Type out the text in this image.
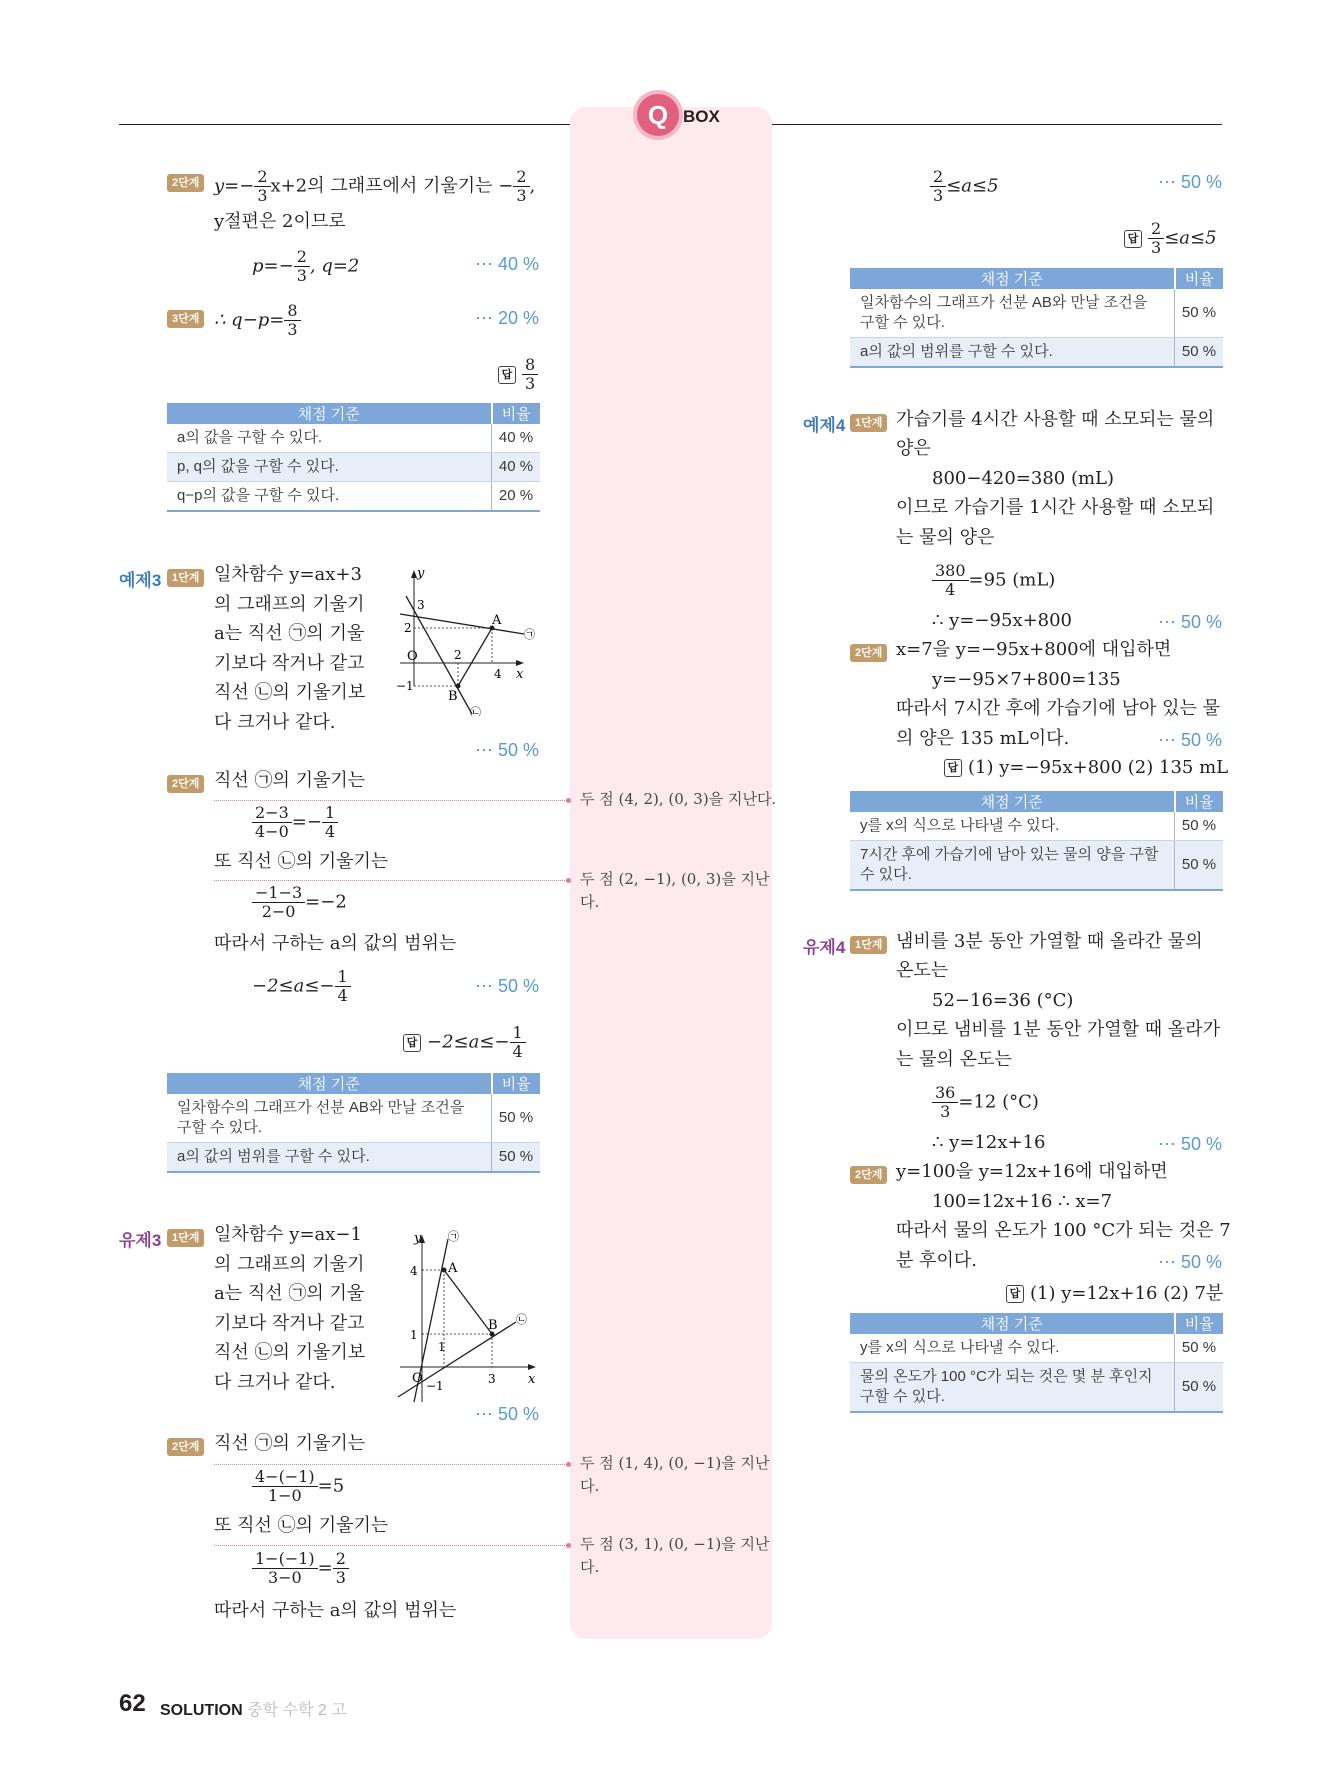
Q BOX
2단계 $y=- \frac{2}{3} x+2$의 그래프에서 기울기는 − $\frac{2}{3}$ ,
y절편은 2이므로
$p=- \frac{2}{3}$ , q=2	⋯ 40 %
3단계 ∴ $q-p= \frac{8}{3}$	⋯ 20 %
답 $\frac{8}{3}$
채점 기준	비율
a의 값을 구할 수 있다.	40 %
p, q의 값을 구할 수 있다.	40 %
q−p의 값을 구할 수 있다.	20 %
예제3 1단계 일차함수 y=ax+3
의 그래프의 기울기
a는 직선 ㉠의 기울
기보다 작거나 같고
직선 ㉡의 기울기보
다 크거나 같다.
y
x
O
3
2
−1
2
4
A
B
㉠
㉡
⋯ 50 %
2단계 직선 ㉠의 기울기는
$\frac{2-3}{4-0} =- \frac{1}{4}$
또 직선 ㉡의 기울기는
$\frac{-1-3}{2-0} =-2$
따라서 구하는 a의 값의 범위는
$-2\le a\le- \frac{1}{4}$	⋯ 50 %
답 $-2\le a\le- \frac{1}{4}$
채점 기준	비율
일차함수의 그래프가 선분 AB와 만날 조건을 구할 수 있다.	50 %
a의 값의 범위를 구할 수 있다.	50 %
유제3 1단계 일차함수 y=ax−1
의 그래프의 기울기
a는 직선 ㉠의 기울
기보다 작거나 같고
직선 ㉡의 기울기보
다 크거나 같다.
y
x
O
4
1
−1
1
3
A
B
㉠
㉡
⋯ 50 %
2단계 직선 ㉠의 기울기는
$\frac{4-(-1)}{1-0} =5$
또 직선 ㉡의 기울기는
$\frac{1-(-1)}{3-0} = \frac{2}{3}$
따라서 구하는 a의 값의 범위는
두 점 (4, 2), (0, 3)을 지난다.
두 점 (2, −1), (0, 3)을 지난다.
두 점 (1, 4), (0, −1)을 지난다.
두 점 (3, 1), (0, −1)을 지난다.
$\frac{2}{3} \le a\le 5$	⋯ 50 %
답 $\frac{2}{3} \le a\le 5$
채점 기준	비율
일차함수의 그래프가 선분 AB와 만날 조건을 구할 수 있다.	50 %
a의 값의 범위를 구할 수 있다.	50 %
예제4 1단계 가습기를 4시간 사용할 때 소모되는 물의
양은
800−420=380 (mL)
이므로 가습기를 1시간 사용할 때 소모되
는 물의 양은
$\frac{380}{4} =95$ (mL)
∴ y=−95x+800	⋯ 50 %
2단계 x=7을 y=−95x+800에 대입하면
y=−95×7+800=135
따라서 7시간 후에 가습기에 남아 있는 물
의 양은 135 mL이다.	⋯ 50 %
답 (1) y=−95x+800 (2) 135 mL
채점 기준	비율
y를 x의 식으로 나타낼 수 있다.	50 %
7시간 후에 가습기에 남아 있는 물의 양을 구할 수 있다.	50 %
유제4 1단계 냄비를 3분 동안 가열할 때 올라간 물의
온도는
52−16=36 (°C)
이므로 냄비를 1분 동안 가열할 때 올라가
는 물의 온도는
$\frac{36}{3} =12$ (°C)
∴ y=12x+16	⋯ 50 %
2단계 y=100을 y=12x+16에 대입하면
100=12x+16 ∴ x=7
따라서 물의 온도가 100 °C가 되는 것은 7
분 후이다.	⋯ 50 %
답 (1) y=12x+16 (2) 7분
채점 기준	비율
y를 x의 식으로 나타낼 수 있다.	50 %
물의 온도가 100 °C가 되는 것은 몇 분 후인지 구할 수 있다.	50 %
62 SOLUTION 중학 수학 2 고
